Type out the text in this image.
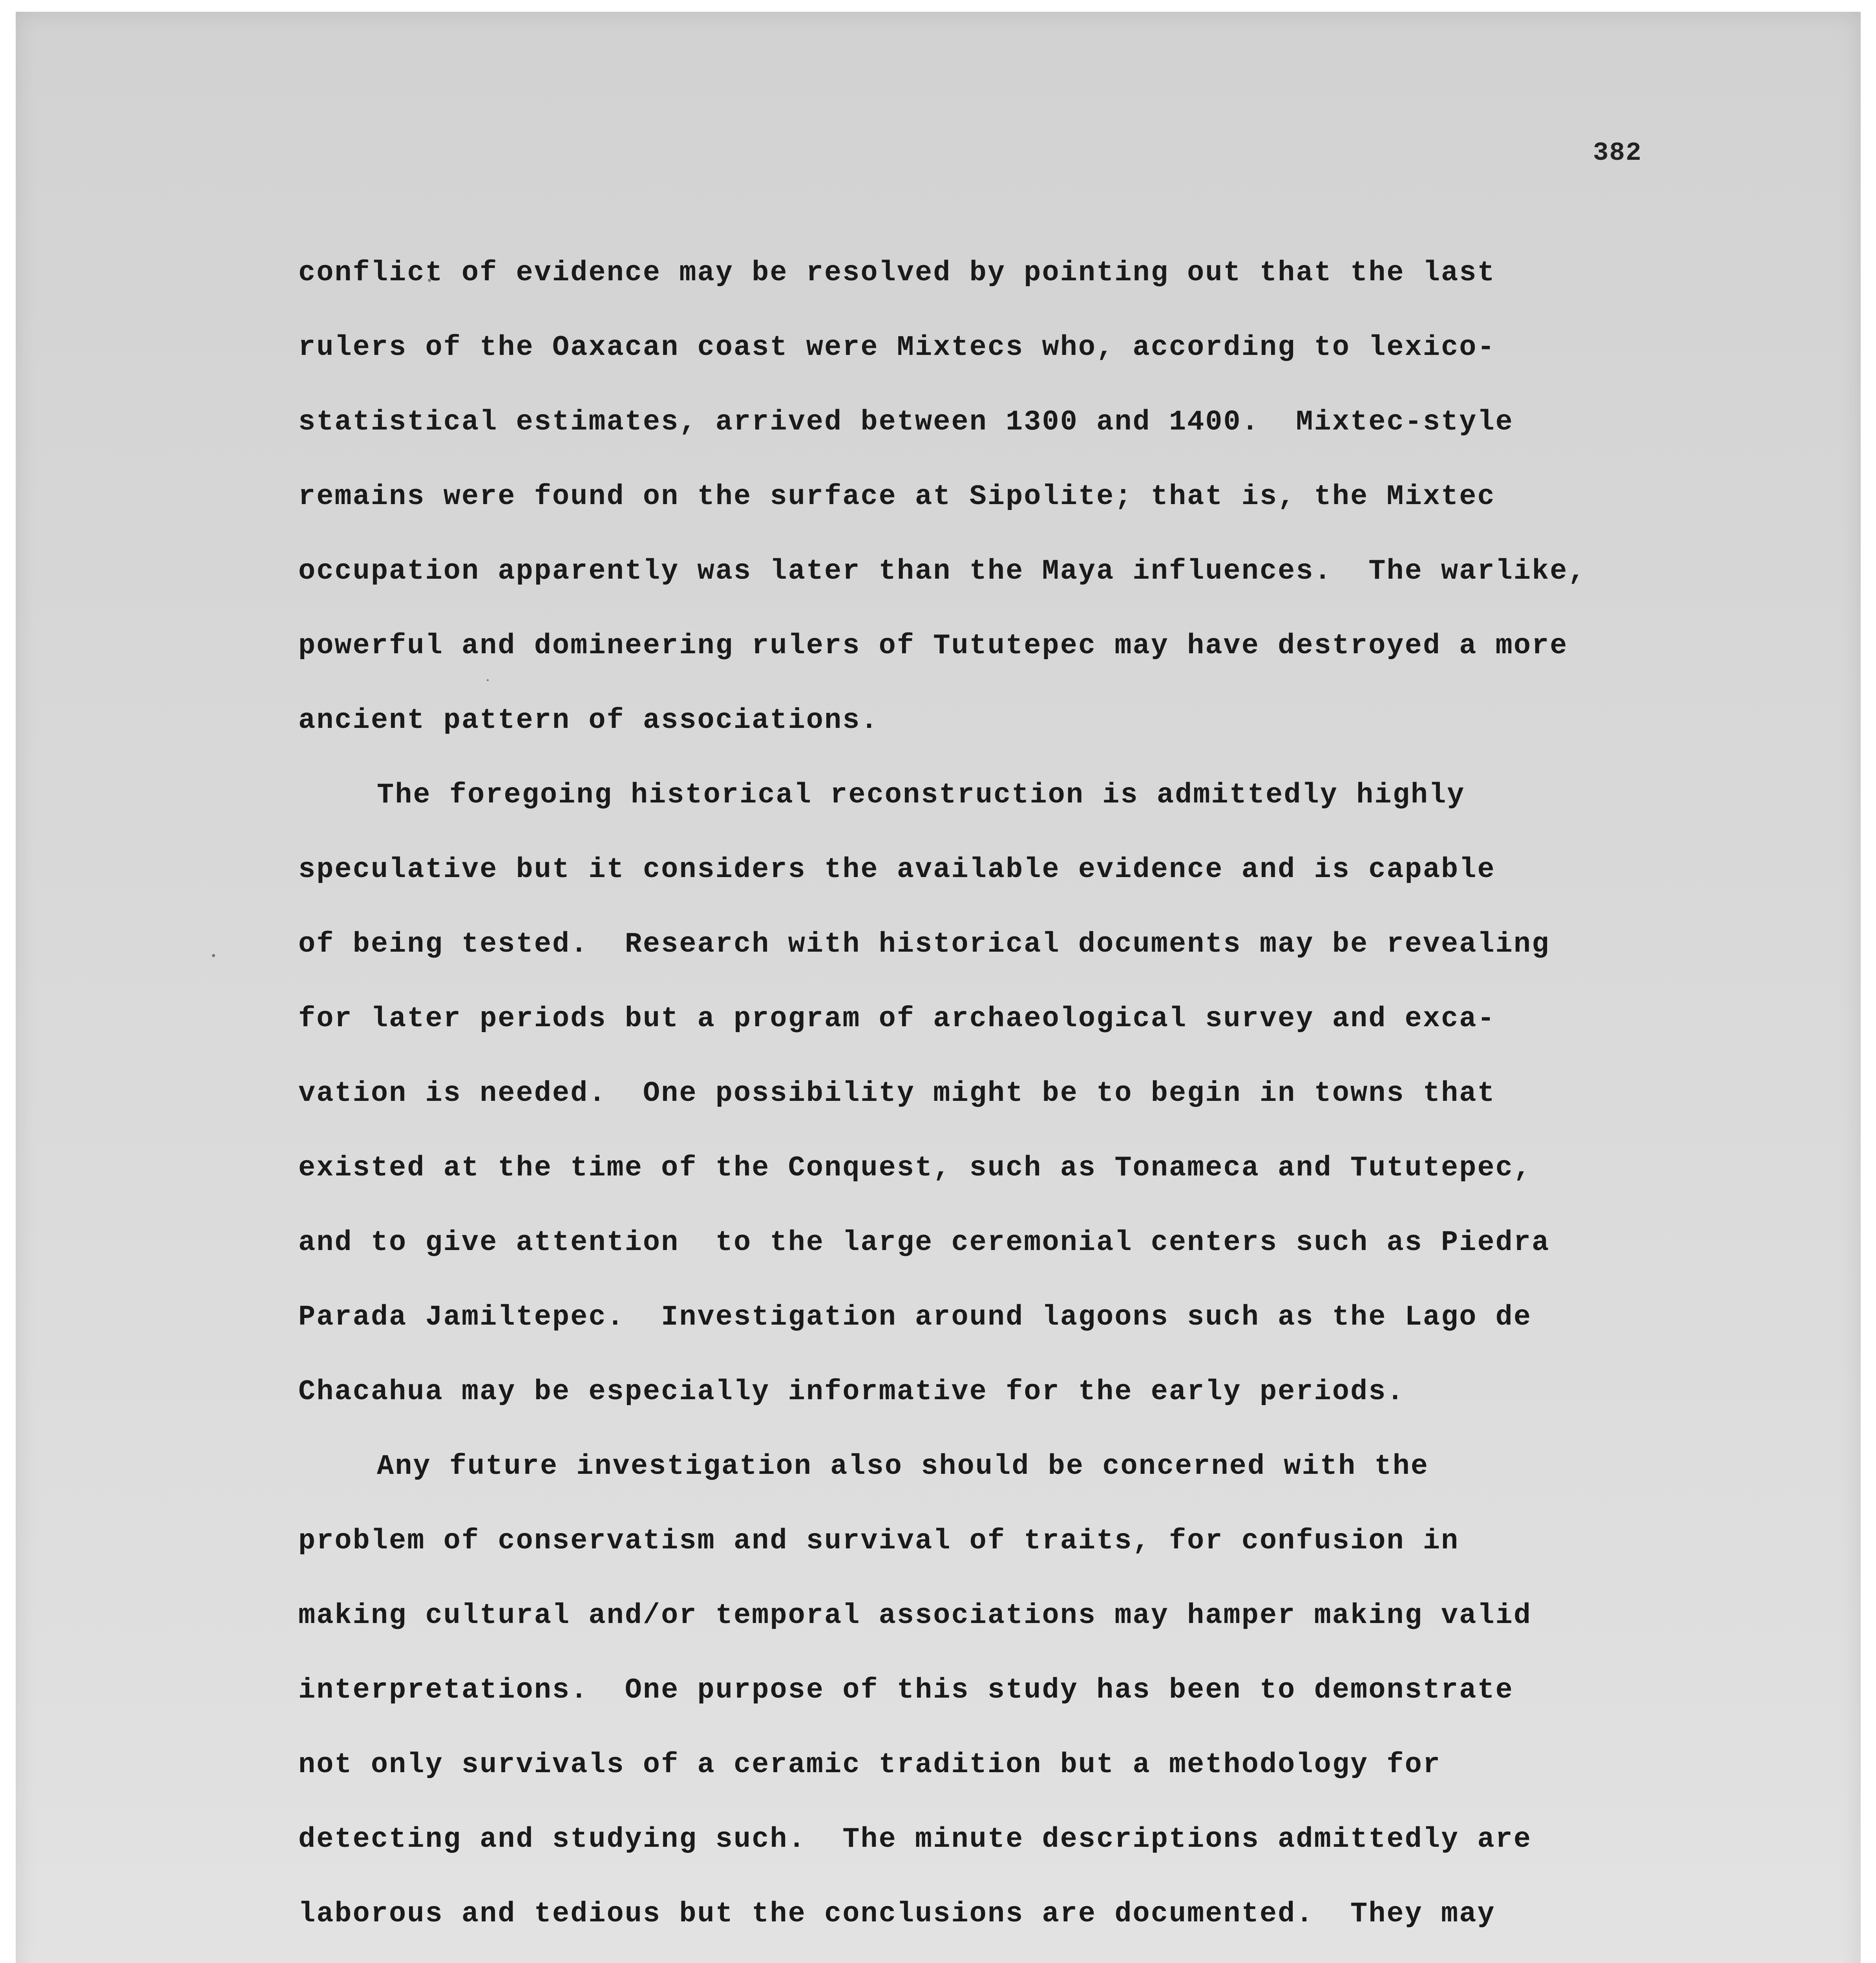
382
conflict of evidence may be resolved by pointing out that the last
rulers of the Oaxacan coast were Mixtecs who, according to lexico-
statistical estimates, arrived between 1300 and 1400.  Mixtec-style
remains were found on the surface at Sipolite; that is, the Mixtec
occupation apparently was later than the Maya influences.  The warlike,
powerful and domineering rulers of Tututepec may have destroyed a more
ancient pattern of associations.
The foregoing historical reconstruction is admittedly highly
speculative but it considers the available evidence and is capable
of being tested.  Research with historical documents may be revealing
for later periods but a program of archaeological survey and exca-
vation is needed.  One possibility might be to begin in towns that
existed at the time of the Conquest, such as Tonameca and Tututepec,
and to give attention  to the large ceremonial centers such as Piedra
Parada Jamiltepec.  Investigation around lagoons such as the Lago de
Chacahua may be especially informative for the early periods.
Any future investigation also should be concerned with the
problem of conservatism and survival of traits, for confusion in
making cultural and/or temporal associations may hamper making valid
interpretations.  One purpose of this study has been to demonstrate
not only survivals of a ceramic tradition but a methodology for
detecting and studying such.  The minute descriptions admittedly are
laborous and tedious but the conclusions are documented.  They may
